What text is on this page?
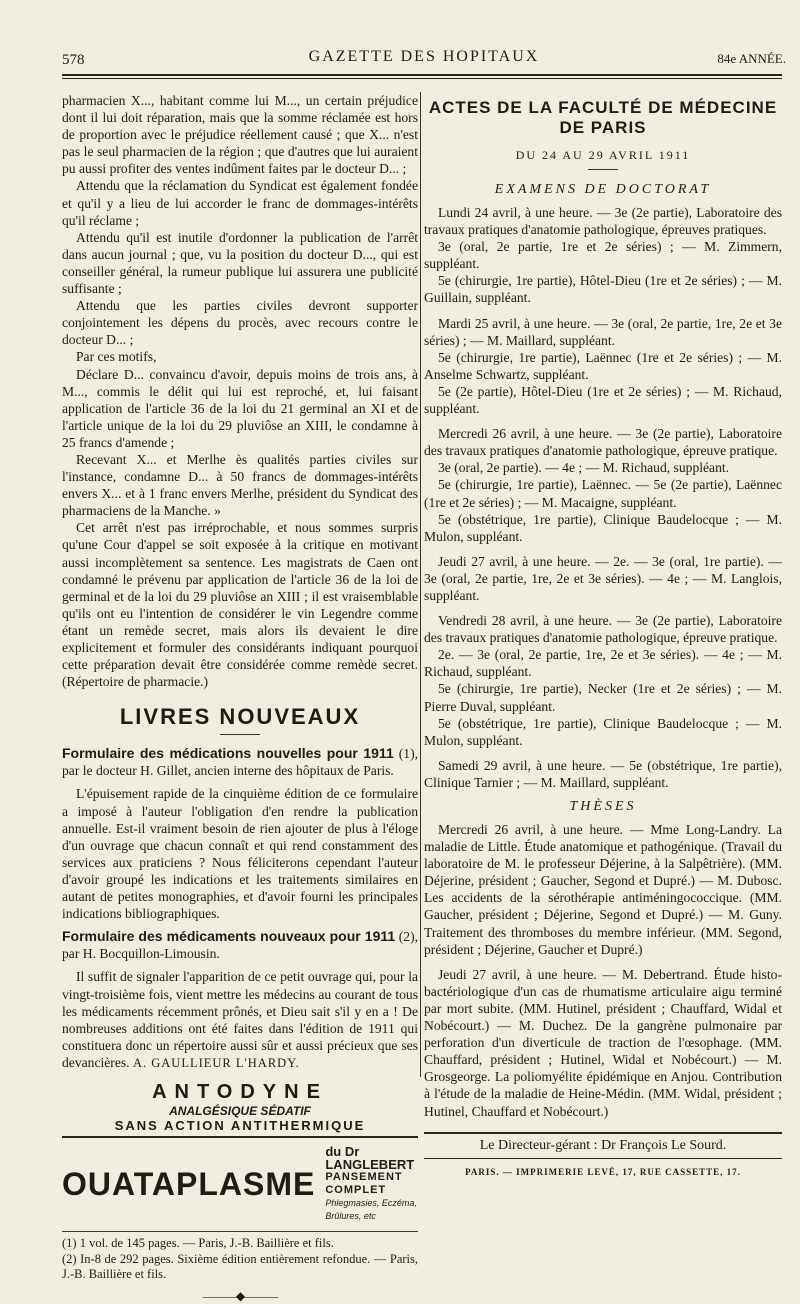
578	GAZETTE DES HOPITAUX	84e ANNÉE.

pharmacien X..., habitant comme lui M..., un certain préjudice dont il lui doit réparation, mais que la somme réclamée est hors de proportion avec le préjudice réellement causé ; que X... n'est pas le seul pharmacien de la région ; que d'autres que lui auraient pu aussi profiter des ventes indûment faites par le docteur D... ;

Attendu que la réclamation du Syndicat est également fondée et qu'il y a lieu de lui accorder le franc de dommages-intérêts qu'il réclame ;

Attendu qu'il est inutile d'ordonner la publication de l'arrêt dans aucun journal ; que, vu la position du docteur D..., qui est conseiller général, la rumeur publique lui assurera une publicité suffisante ;

Attendu que les parties civiles devront supporter conjointement les dépens du procès, avec recours contre le docteur D... ;

Par ces motifs,

Déclare D... convaincu d'avoir, depuis moins de trois ans, à M..., commis le délit qui lui est reproché, et, lui faisant application de l'article 36 de la loi du 21 germinal an XI et de l'article unique de la loi du 29 pluviôse an XIII, le condamne à 25 francs d'amende ;

Recevant X... et Merlhe ès qualités parties civiles sur l'instance, condamne D... à 50 francs de dommages-intérêts envers X... et à 1 franc envers Merlhe, président du Syndicat des pharmaciens de la Manche. »

Cet arrêt n'est pas irréprochable, et nous sommes surpris qu'une Cour d'appel se soit exposée à la critique en motivant aussi incomplètement sa sentence. Les magistrats de Caen ont condamné le prévenu par application de l'article 36 de la loi de germinal et de la loi du 29 pluviôse an XIII ; il est vraisemblable qu'ils ont eu l'intention de considérer le vin Legendre comme étant un remède secret, mais alors ils devaient le dire explicitement et formuler des considérants indiquant pourquoi cette préparation devait être considérée comme remède secret. (Répertoire de pharmacie.)

LIVRES NOUVEAUX

Formulaire des médications nouvelles pour 1911 (1), par le docteur H. Gillet, ancien interne des hôpitaux de Paris.

L'épuisement rapide de la cinquième édition de ce formulaire a imposé à l'auteur l'obligation d'en rendre la publication annuelle. Est-il vraiment besoin de rien ajouter de plus à l'éloge d'un ouvrage que chacun connaît et qui rend constamment des services aux praticiens ? Nous féliciterons cependant l'auteur d'avoir groupé les indications et les traitements similaires en autant de petites monographies, et d'avoir fourni les principales indications bibliographiques.

Formulaire des médicaments nouveaux pour 1911 (2), par H. Bocquillon-Limousin.

Il suffit de signaler l'apparition de ce petit ouvrage qui, pour la vingt-troisième fois, vient mettre les médecins au courant de tous les médicaments récemment prônés, et Dieu sait s'il y en a ! De nombreuses additions ont été faites dans l'édition de 1911 qui constituera donc un répertoire aussi sûr et aussi précieux que ses devancières. A. GAULLIEUR L'HARDY.

ANTODYNE
ANALGÉSIQUE SÉDATIF
SANS ACTION ANTITHERMIQUE
OUATAPLASME
du Dr LANGLEBERT
PANSEMENT COMPLET
Phlegmasies, Eczéma, Brûlures, etc

(1) 1 vol. de 145 pages. — Paris, J.-B. Baillière et fils.

(2) In-8 de 292 pages. Sixième édition entièrement refondue. — Paris, J.-B. Baillière et fils.

———◆———
ACTES DE LA FACULTÉ DE MÉDECINE DE PARIS
DU 24 AU 29 AVRIL 1911
EXAMENS DE DOCTORAT

Lundi 24 avril, à une heure. — 3e (2e partie), Laboratoire des travaux pratiques d'anatomie pathologique, épreuves pratiques.

3e (oral, 2e partie, 1re et 2e séries) ; — M. Zimmern, suppléant.

5e (chirurgie, 1re partie), Hôtel-Dieu (1re et 2e séries) ; — M. Guillain, suppléant.

Mardi 25 avril, à une heure. — 3e (oral, 2e partie, 1re, 2e et 3e séries) ; — M. Maillard, suppléant.

5e (chirurgie, 1re partie), Laënnec (1re et 2e séries) ; — M. Anselme Schwartz, suppléant.

5e (2e partie), Hôtel-Dieu (1re et 2e séries) ; — M. Richaud, suppléant.

Mercredi 26 avril, à une heure. — 3e (2e partie), Laboratoire des travaux pratiques d'anatomie pathologique, épreuve pratique.

3e (oral, 2e partie). — 4e ; — M. Richaud, suppléant.

5e (chirurgie, 1re partie), Laënnec. — 5e (2e partie), Laënnec (1re et 2e séries) ; — M. Macaigne, suppléant.

5e (obstétrique, 1re partie), Clinique Baudelocque ; — M. Mulon, suppléant.

Jeudi 27 avril, à une heure. — 2e. — 3e (oral, 1re partie). — 3e (oral, 2e partie, 1re, 2e et 3e séries). — 4e ; — M. Langlois, suppléant.

Vendredi 28 avril, à une heure. — 3e (2e partie), Laboratoire des travaux pratiques d'anatomie pathologique, épreuve pratique.

2e. — 3e (oral, 2e partie, 1re, 2e et 3e séries). — 4e ; — M. Richaud, suppléant.

5e (chirurgie, 1re partie), Necker (1re et 2e séries) ; — M. Pierre Duval, suppléant.

5e (obstétrique, 1re partie), Clinique Baudelocque ; — M. Mulon, suppléant.

Samedi 29 avril, à une heure. — 5e (obstétrique, 1re partie), Clinique Tarnier ; — M. Maillard, suppléant.

THÈSES

Mercredi 26 avril, à une heure. — Mme Long-Landry. La maladie de Little. Étude anatomique et pathogénique. (Travail du laboratoire de M. le professeur Déjerine, à la Salpêtrière). (MM. Déjerine, président ; Gaucher, Segond et Dupré.) — M. Dubosc. Les accidents de la sérothérapie antiméningococcique. (MM. Gaucher, président ; Déjerine, Segond et Dupré.) — M. Guny. Traitement des thromboses du membre inférieur. (MM. Segond, président ; Déjerine, Gaucher et Dupré.)

Jeudi 27 avril, à une heure. — M. Debertrand. Étude histo-bactériologique d'un cas de rhumatisme articulaire aigu terminé par mort subite. (MM. Hutinel, président ; Chauffard, Widal et Nobécourt.) — M. Duchez. De la gangrène pulmonaire par perforation d'un diverticule de traction de l'œsophage. (MM. Chauffard, président ; Hutinel, Widal et Nobécourt.) — M. Grosgeorge. La poliomyélite épidémique en Anjou. Contribution à l'étude de la maladie de Heine-Médin. (MM. Widal, président ; Hutinel, Chauffard et Nobécourt.)

Le Directeur-gérant : Dr François Le Sourd.
PARIS. — IMPRIMERIE LEVÉ, 17, RUE CASSETTE, 17.
